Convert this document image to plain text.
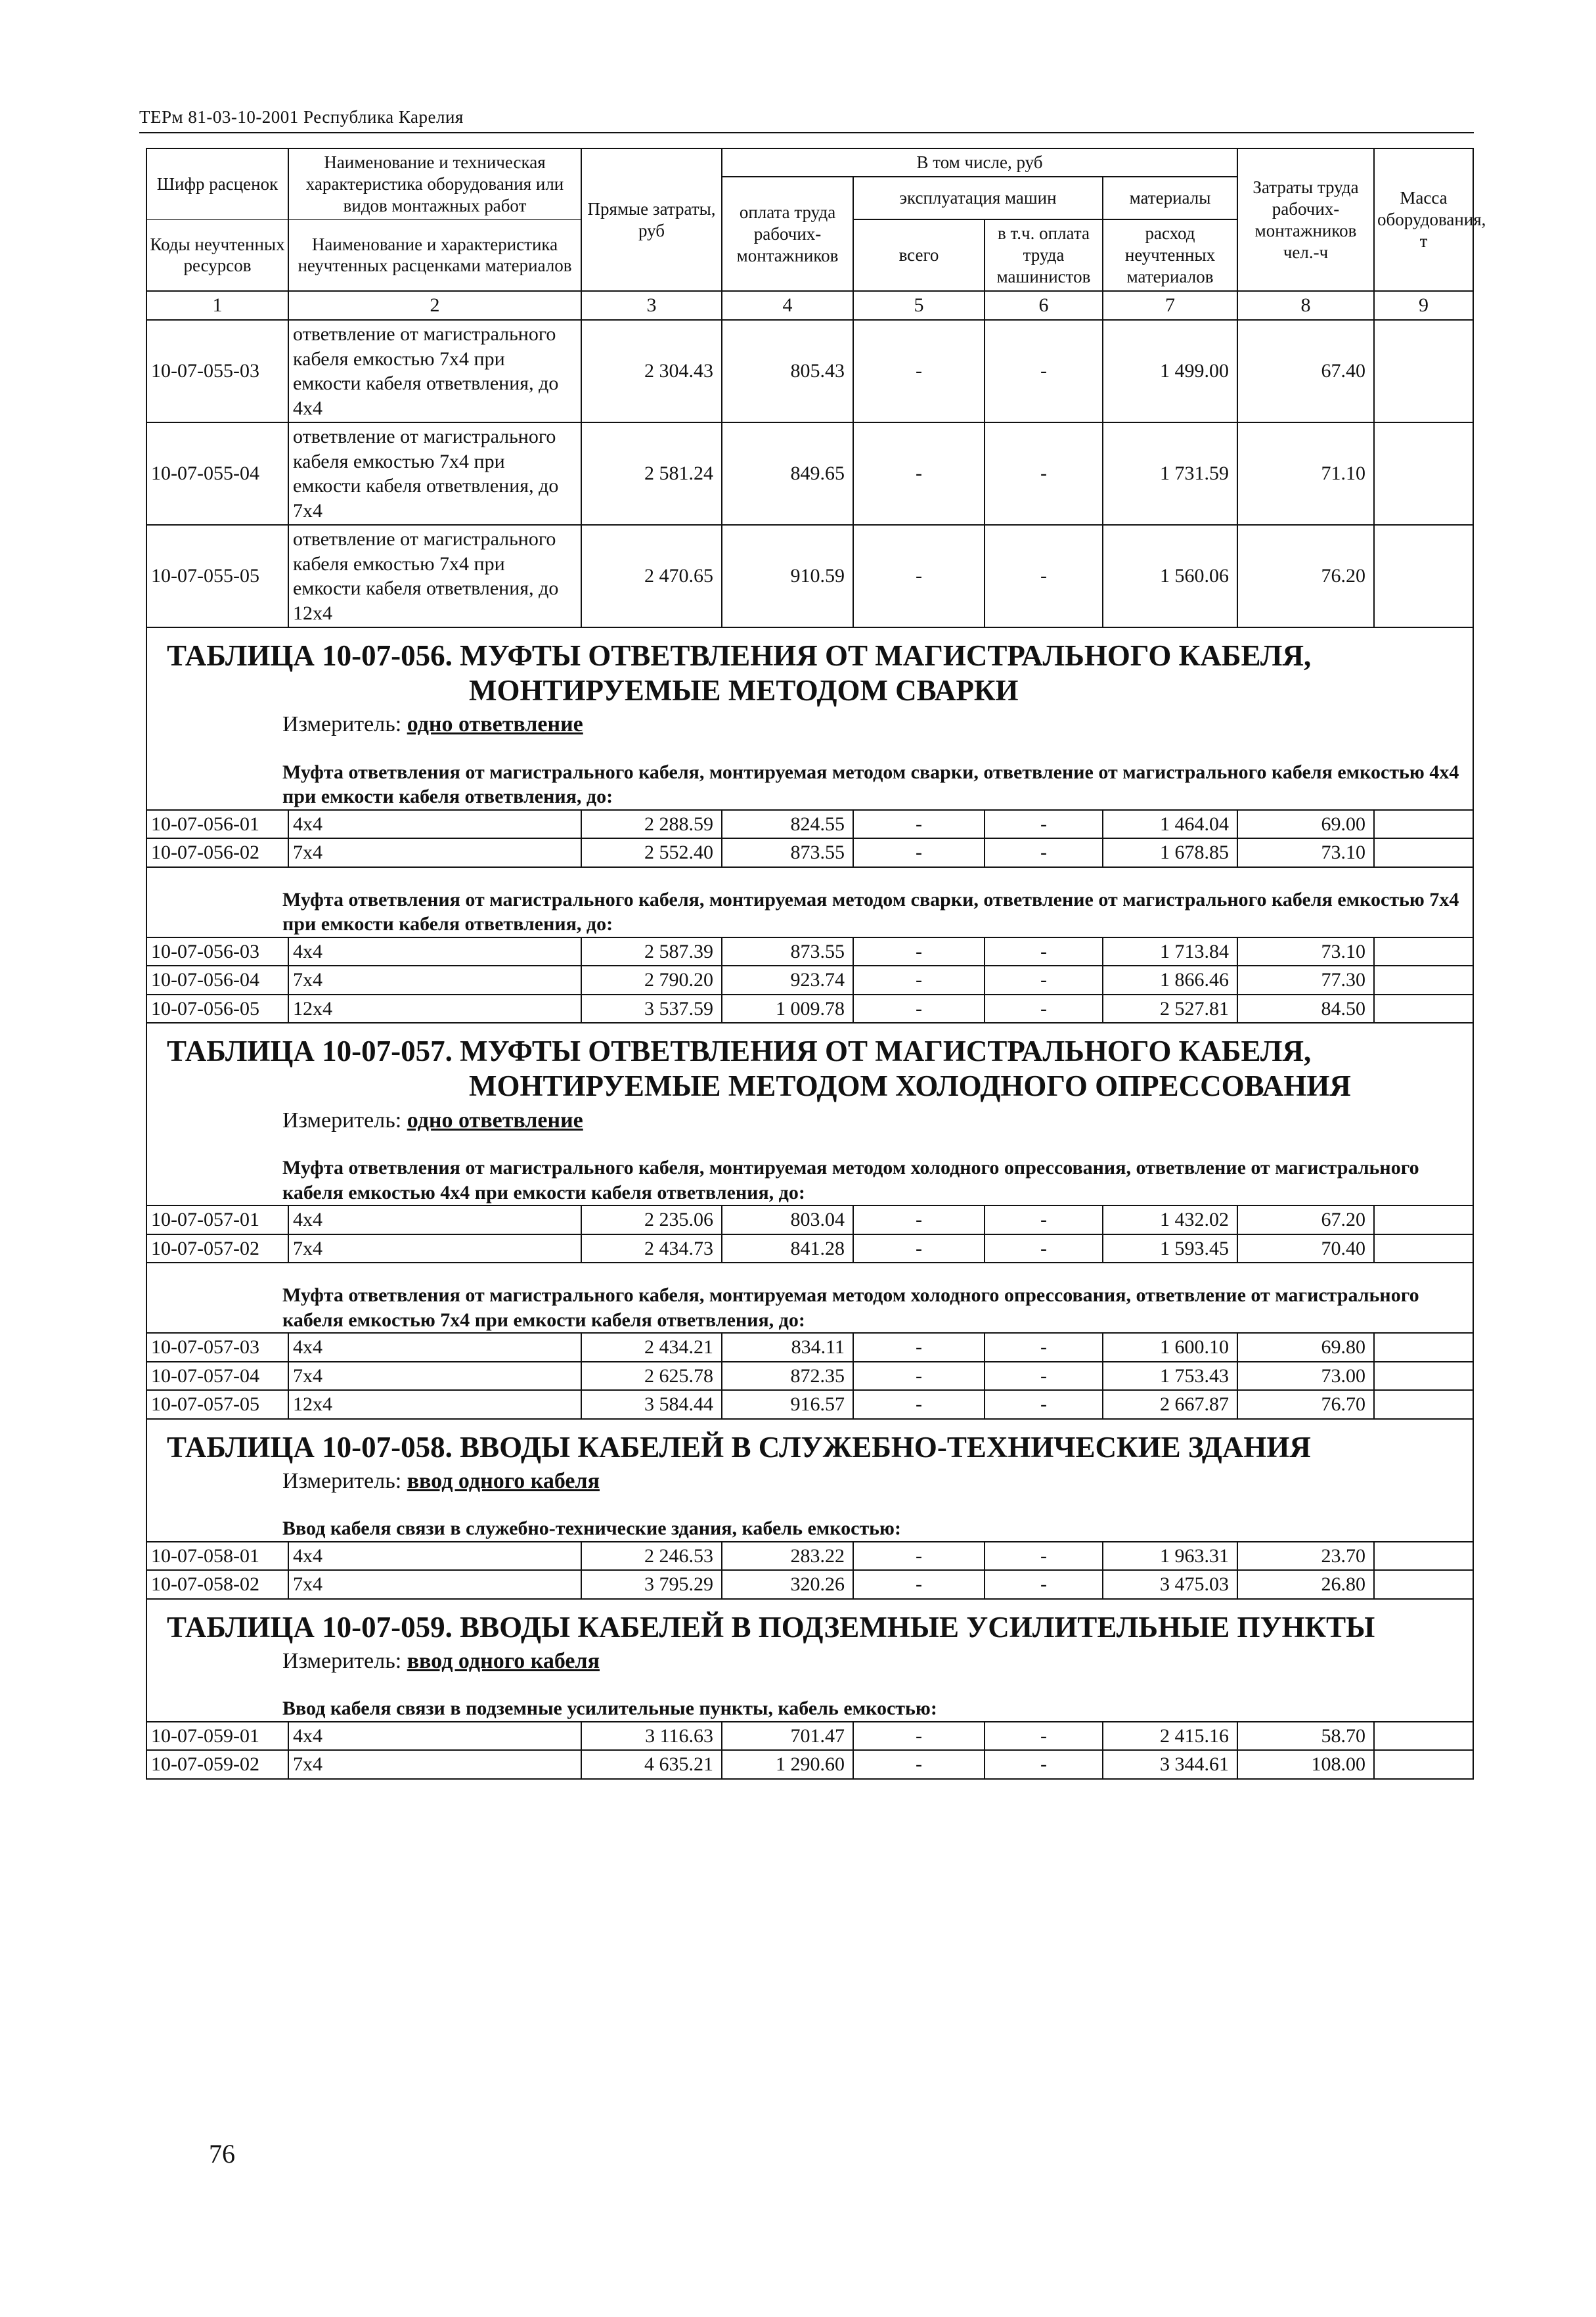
ТЕРм 81-03-10-2001 Республика Карелия
Шифр расценок	Наименование и техническая характеристика оборудования или видов монтажных работ	Прямые затраты, руб	В том числе, руб				Затраты труда рабочих-монтажников чел.-ч	Масса оборудования, т
			оплата труда рабочих-монтажников	эксплуатация машин		материалы		
Коды неучтенных ресурсов	Наименование и характеристика неучтенных расценками материалов			всего	в т.ч. оплата труда машинистов	расход неучтенных материалов		

1	2	3	4	5	6	7	8	9
10-07-055-03	ответвление от магистрального кабеля емкостью 7х4 при емкости кабеля ответвления, до 4х4	2 304.43	805.43	-	-	1 499.00	67.40	
10-07-055-04	ответвление от магистрального кабеля емкостью 7х4 при емкости кабеля ответвления, до 7х4	2 581.24	849.65	-	-	1 731.59	71.10	
10-07-055-05	ответвление от магистрального кабеля емкостью 7х4 при емкости кабеля ответвления, до 12х4	2 470.65	910.59	-	-	1 560.06	76.20	

ТАБЛИЦА 10-07-056. МУФТЫ ОТВЕТВЛЕНИЯ ОТ МАГИСТРАЛЬНОГО КАБЕЛЯ,
МОНТИРУЕМЫЕ МЕТОДОМ СВАРКИ
Измеритель: одно ответвление								

Муфта ответвления от магистрального кабеля, монтируемая методом сварки, ответвление от магистрального кабеля емкостью 4х4 при емкости кабеля ответвления, до:								
10-07-056-01	4х4	2 288.59	824.55	-	-	1 464.04	69.00	
10-07-056-02	7х4	2 552.40	873.55	-	-	1 678.85	73.10	
Муфта ответвления от магистрального кабеля, монтируемая методом сварки, ответвление от магистрального кабеля емкостью 7х4 при емкости кабеля ответвления, до:								
10-07-056-03	4х4	2 587.39	873.55	-	-	1 713.84	73.10	
10-07-056-04	7х4	2 790.20	923.74	-	-	1 866.46	77.30	
10-07-056-05	12х4	3 537.59	1 009.78	-	-	2 527.81	84.50	

ТАБЛИЦА 10-07-057. МУФТЫ ОТВЕТВЛЕНИЯ ОТ МАГИСТРАЛЬНОГО КАБЕЛЯ,
МОНТИРУЕМЫЕ МЕТОДОМ ХОЛОДНОГО ОПРЕССОВАНИЯ
Измеритель: одно ответвление								

Муфта ответвления от магистрального кабеля, монтируемая методом холодного опрессования, ответвление от магистрального кабеля емкостью 4х4 при емкости кабеля ответвления, до:								
10-07-057-01	4х4	2 235.06	803.04	-	-	1 432.02	67.20	
10-07-057-02	7х4	2 434.73	841.28	-	-	1 593.45	70.40	
Муфта ответвления от магистрального кабеля, монтируемая методом холодного опрессования, ответвление от магистрального кабеля емкостью 7х4 при емкости кабеля ответвления, до:								
10-07-057-03	4х4	2 434.21	834.11	-	-	1 600.10	69.80	
10-07-057-04	7х4	2 625.78	872.35	-	-	1 753.43	73.00	
10-07-057-05	12х4	3 584.44	916.57	-	-	2 667.87	76.70	

ТАБЛИЦА 10-07-058. ВВОДЫ КАБЕЛЕЙ В СЛУЖЕБНО-ТЕХНИЧЕСКИЕ ЗДАНИЯ
Измеритель: ввод одного кабеля								

Ввод кабеля связи в служебно-технические здания, кабель емкостью:								
10-07-058-01	4х4	2 246.53	283.22	-	-	1 963.31	23.70	
10-07-058-02	7х4	3 795.29	320.26	-	-	3 475.03	26.80	

ТАБЛИЦА 10-07-059. ВВОДЫ КАБЕЛЕЙ В ПОДЗЕМНЫЕ УСИЛИТЕЛЬНЫЕ ПУНКТЫ
Измеритель: ввод одного кабеля								

Ввод кабеля связи в подземные усилительные пункты, кабель емкостью:								
10-07-059-01	4х4	3 116.63	701.47	-	-	2 415.16	58.70	
10-07-059-02	7х4	4 635.21	1 290.60	-	-	3 344.61	108.00	
76
